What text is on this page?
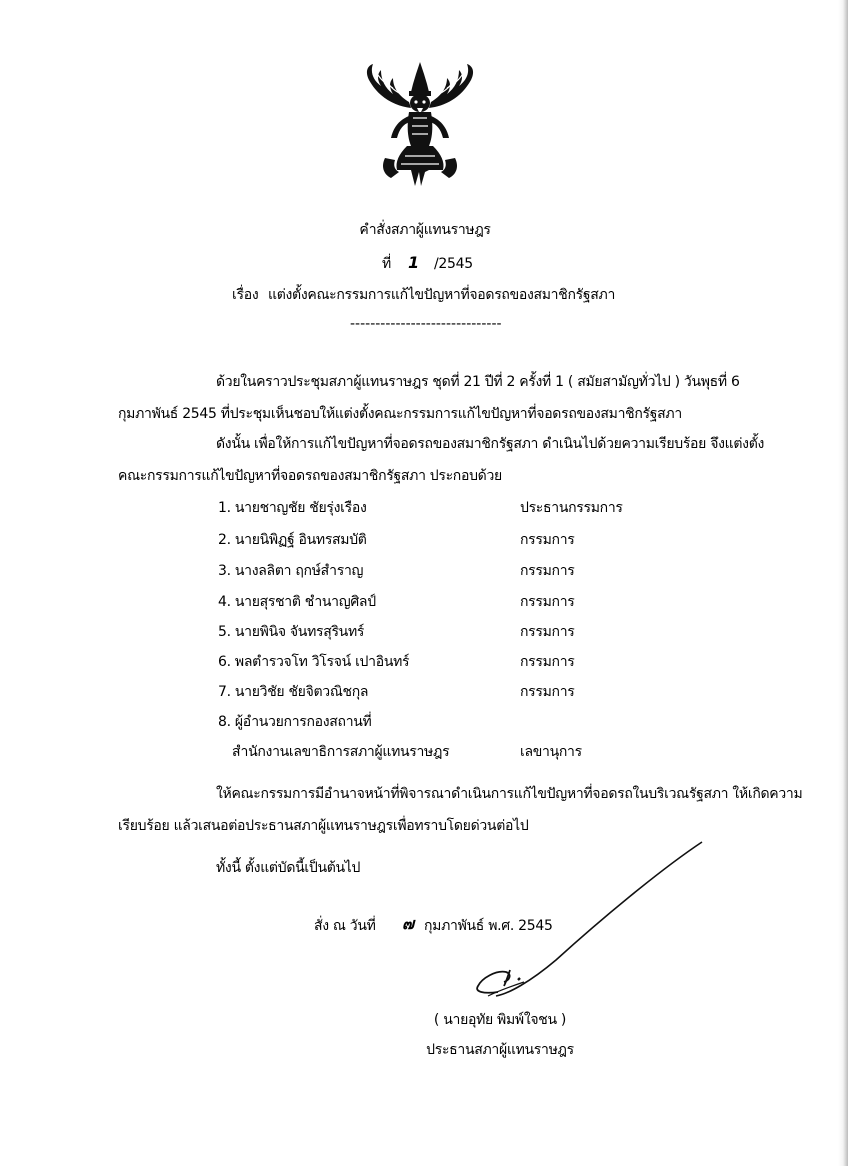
คำสั่งสภาผู้แทนราษฎร
ที่ 1 /2545
เรื่อง แต่งตั้งคณะกรรมการแก้ไขปัญหาที่จอดรถของสมาชิกรัฐสภา
------------------------------
ด้วยในคราวประชุมสภาผู้แทนราษฎร ชุดที่ 21 ปีที่ 2 ครั้งที่ 1 ( สมัยสามัญทั่วไป ) วันพุธที่ 6
กุมภาพันธ์ 2545 ที่ประชุมเห็นชอบให้แต่งตั้งคณะกรรมการแก้ไขปัญหาที่จอดรถของสมาชิกรัฐสภา
ดังนั้น เพื่อให้การแก้ไขปัญหาที่จอดรถของสมาชิกรัฐสภา ดำเนินไปด้วยความเรียบร้อย จึงแต่งตั้ง
คณะกรรมการแก้ไขปัญหาที่จอดรถของสมาชิกรัฐสภา ประกอบด้วย
1. นายชาญชัย ชัยรุ่งเรือง	ประธานกรรมการ
2. นายนิพิฏฐ์ อินทรสมบัติ	กรรมการ
3. นางลลิตา ฤกษ์สำราญ	กรรมการ
4. นายสุรชาติ ชำนาญศิลป์	กรรมการ
5. นายพินิจ จันทรสุรินทร์	กรรมการ
6. พลตำรวจโท วิโรจน์ เปาอินทร์	กรรมการ
7. นายวิชัย ชัยจิตวณิชกุล	กรรมการ
8. ผู้อำนวยการกองสถานที่
สำนักงานเลขาธิการสภาผู้แทนราษฎร	เลขานุการ
ให้คณะกรรมการมีอำนาจหน้าที่พิจารณาดำเนินการแก้ไขปัญหาที่จอดรถในบริเวณรัฐสภา ให้เกิดความ
เรียบร้อย แล้วเสนอต่อประธานสภาผู้แทนราษฎรเพื่อทราบโดยด่วนต่อไป
ทั้งนี้ ตั้งแต่บัดนี้เป็นต้นไป
สั่ง ณ วันที่ ๗ กุมภาพันธ์ พ.ศ. 2545
( นายอุทัย พิมพ์ใจชน )
ประธานสภาผู้แทนราษฎร
